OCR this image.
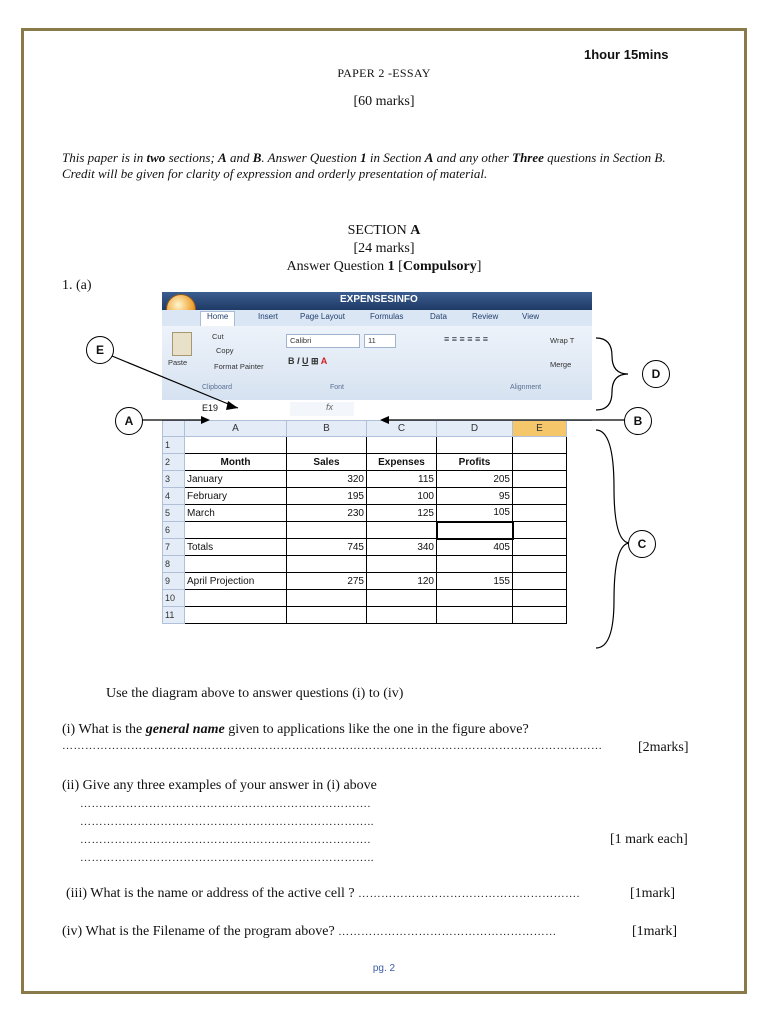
1hour 15mins
PAPER 2 -ESSAY
[60 marks]
This paper is in two sections; A and B. Answer Question 1 in Section A and any other Three questions in Section B.
Credit will be given for clarity of expression and orderly presentation of material.
SECTION A
[24 marks]
Answer Question 1 [Compulsory]
1. (a)
EXPENSESINFO
Home	Insert	Page Layout	Formulas	Data	Review	View
Paste
Cut
Copy
Format Painter
Clipboard
Calibri	11
B I U ⊞ A
Font
≡ ≡ ≡ ≡ ≡ ≡	Wrap T
Merge
Alignment
E19	fx
	A	B	C	D	E
1					
2	Month	Sales	Expenses	Profits	
3	January	320	115	205	
4	February	195	100	95	
5	March	230	125	105	
6					
7	Totals	745	340	405	
8					
9	April Projection	275	120	155	
10					
11					
E
A	B
C
D
Use the diagram above to answer questions (i) to (iv)
(i) What is the general name given to applications like the one in the figure above?
……………………………………………………………………………………………………………………………	[2marks]
(ii) Give any three examples of your answer in (i) above
………………………………………………………………….
…………………………………………………………………..
………………………………………………………………….
…………………………………………………………………..
[1 mark each]
(iii) What is the name or address of the active cell ? ………………………………………………….	[1mark]
(iv) What is the Filename of the program above? …………………………………………………	[1mark]
pg. 2
